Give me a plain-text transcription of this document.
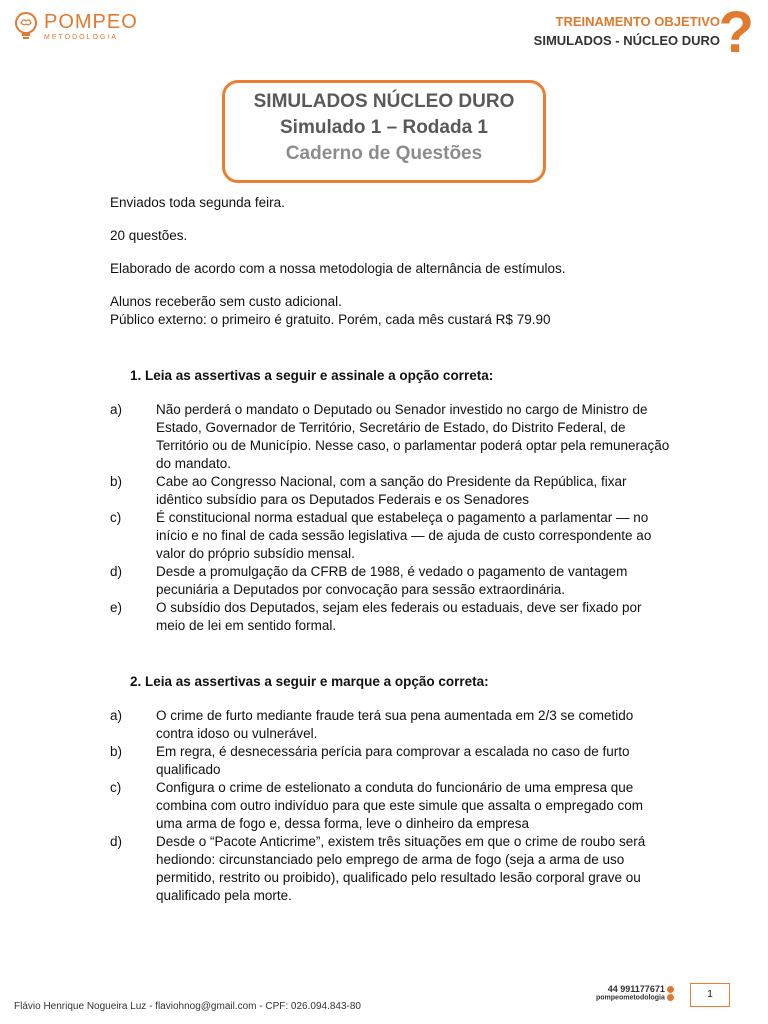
POMPEO
METODOLOGIA
TREINAMENTO OBJETIVO
SIMULADOS - NÚCLEO DURO
?
SIMULADOS NÚCLEO DURO
Simulado 1 – Rodada 1
Caderno de Questões

Enviados toda segunda feira.

20 questões.

Elaborado de acordo com a nossa metodologia de alternância de estímulos.

Alunos receberão sem custo adicional.
Público externo: o primeiro é gratuito. Porém, cada mês custará R$ 79.90

1. Leia as assertivas a seguir e assinale a opção correta:
a)	Não perderá o mandato o Deputado ou Senador investido no cargo de Ministro de Estado, Governador de Território, Secretário de Estado, do Distrito Federal, de Território ou de Município. Nesse caso, o parlamentar poderá optar pela remuneração do mandato.
b)	Cabe ao Congresso Nacional, com a sanção do Presidente da República, fixar idêntico subsídio para os Deputados Federais e os Senadores
c)	É constitucional norma estadual que estabeleça o pagamento a parlamentar — no início e no final de cada sessão legislativa — de ajuda de custo correspondente ao valor do próprio subsídio mensal.
d)	Desde a promulgação da CFRB de 1988, é vedado o pagamento de vantagem pecuniária a Deputados por convocação para sessão extraordinária.
e)	O subsídio dos Deputados, sejam eles federais ou estaduais, deve ser fixado por meio de lei em sentido formal.
2. Leia as assertivas a seguir e marque a opção correta:
a)	O crime de furto mediante fraude terá sua pena aumentada em 2/3 se cometido contra idoso ou vulnerável.
b)	Em regra, é desnecessária perícia para comprovar a escalada no caso de furto qualificado
c)	Configura o crime de estelionato a conduta do funcionário de uma empresa que combina com outro indivíduo para que este simule que assalta o empregado com uma arma de fogo e, dessa forma, leve o dinheiro da empresa
d)	Desde o “Pacote Anticrime”, existem três situações em que o crime de roubo será hediondo: circunstanciado pelo emprego de arma de fogo (seja a arma de uso permitido, restrito ou proibido), qualificado pelo resultado lesão corporal grave ou qualificado pela morte.
Flávio Henrique Nogueira Luz - flaviohnog@gmail.com - CPF: 026.094.843-80
44 991177671
pompeometodologia	1
